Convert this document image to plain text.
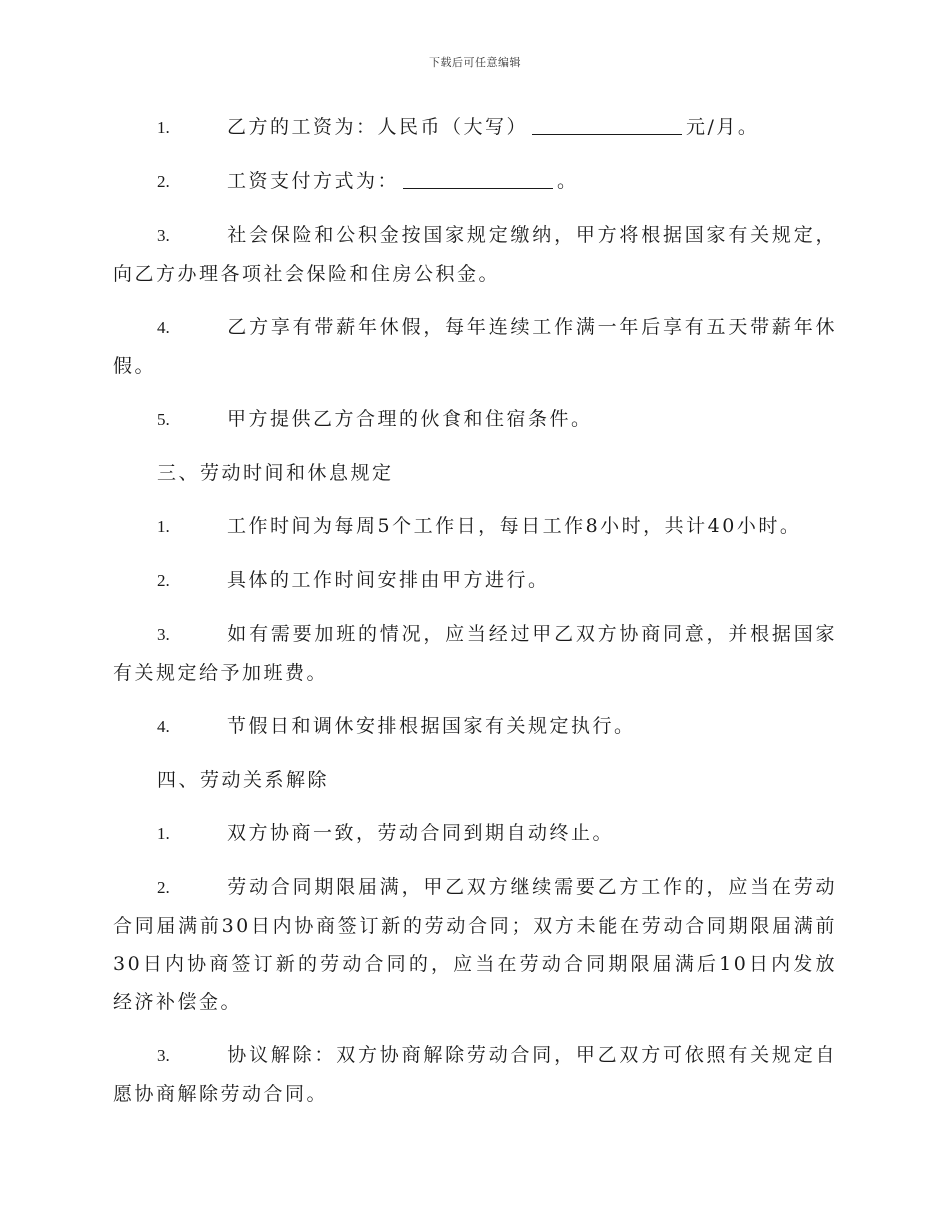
下载后可任意编辑
1.	乙方的工资为：人民币（大写）	元/月。
2.	工资支付方式为：	。
3.	社会保险和公积金按国家规定缴纳，甲方将根据国家有关规定，向乙方办理各项社会保险和住房公积金。
4.	乙方享有带薪年休假，每年连续工作满一年后享有五天带薪年休假。
5.	甲方提供乙方合理的伙食和住宿条件。
三、劳动时间和休息规定
1.	工作时间为每周5个工作日，每日工作8小时，共计40小时。
2.	具体的工作时间安排由甲方进行。
3.	如有需要加班的情况，应当经过甲乙双方协商同意，并根据国家有关规定给予加班费。
4.	节假日和调休安排根据国家有关规定执行。
四、劳动关系解除
1.	双方协商一致，劳动合同到期自动终止。
2.	劳动合同期限届满，甲乙双方继续需要乙方工作的，应当在劳动合同届满前30日内协商签订新的劳动合同；双方未能在劳动合同期限届满前30日内协商签订新的劳动合同的，应当在劳动合同期限届满后10日内发放经济补偿金。
3.	协议解除：双方协商解除劳动合同，甲乙双方可依照有关规定自愿协商解除劳动合同。
